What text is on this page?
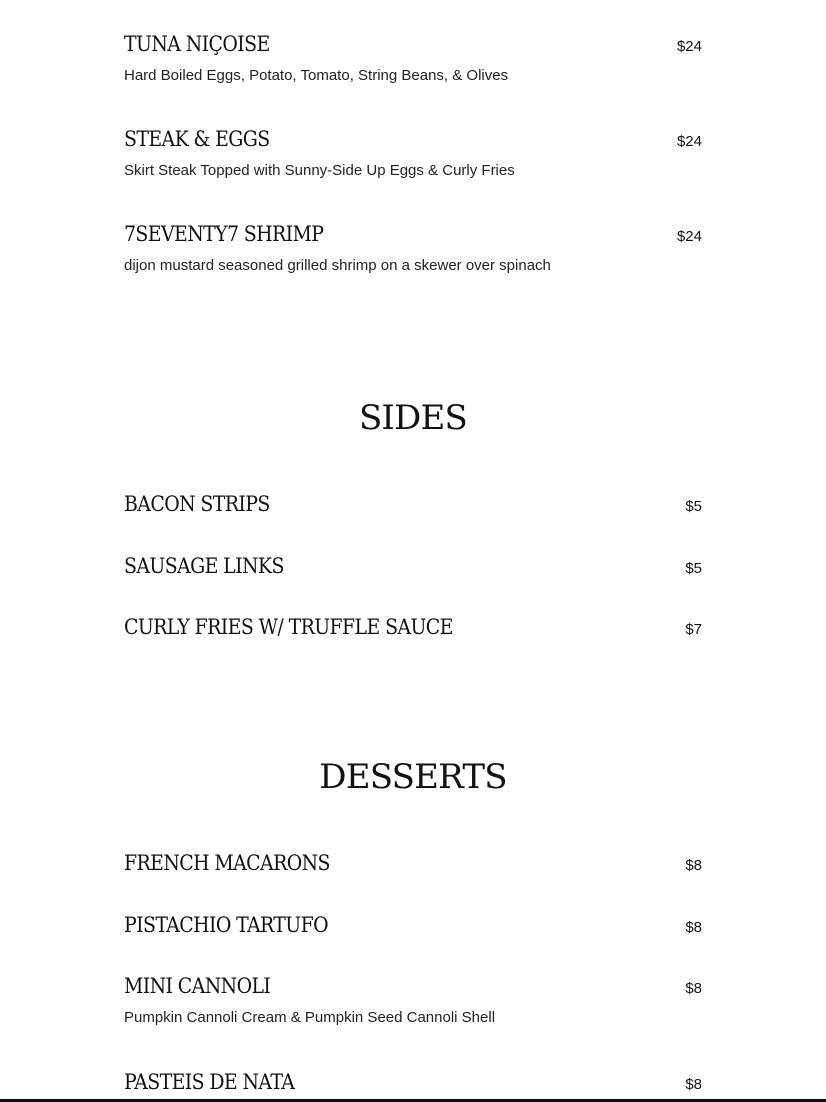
TUNA NIÇOISE	$24
Hard Boiled Eggs, Potato, Tomato, String Beans, & Olives
STEAK & EGGS	$24
Skirt Steak Topped with Sunny-Side Up Eggs & Curly Fries
7SEVENTY7 SHRIMP	$24
dijon mustard seasoned grilled shrimp on a skewer over spinach
SIDES
BACON STRIPS	$5
SAUSAGE LINKS	$5
CURLY FRIES W/ TRUFFLE SAUCE	$7
DESSERTS
FRENCH MACARONS	$8
PISTACHIO TARTUFO	$8
MINI CANNOLI	$8
Pumpkin Cannoli Cream & Pumpkin Seed Cannoli Shell
PASTEIS DE NATA	$8
